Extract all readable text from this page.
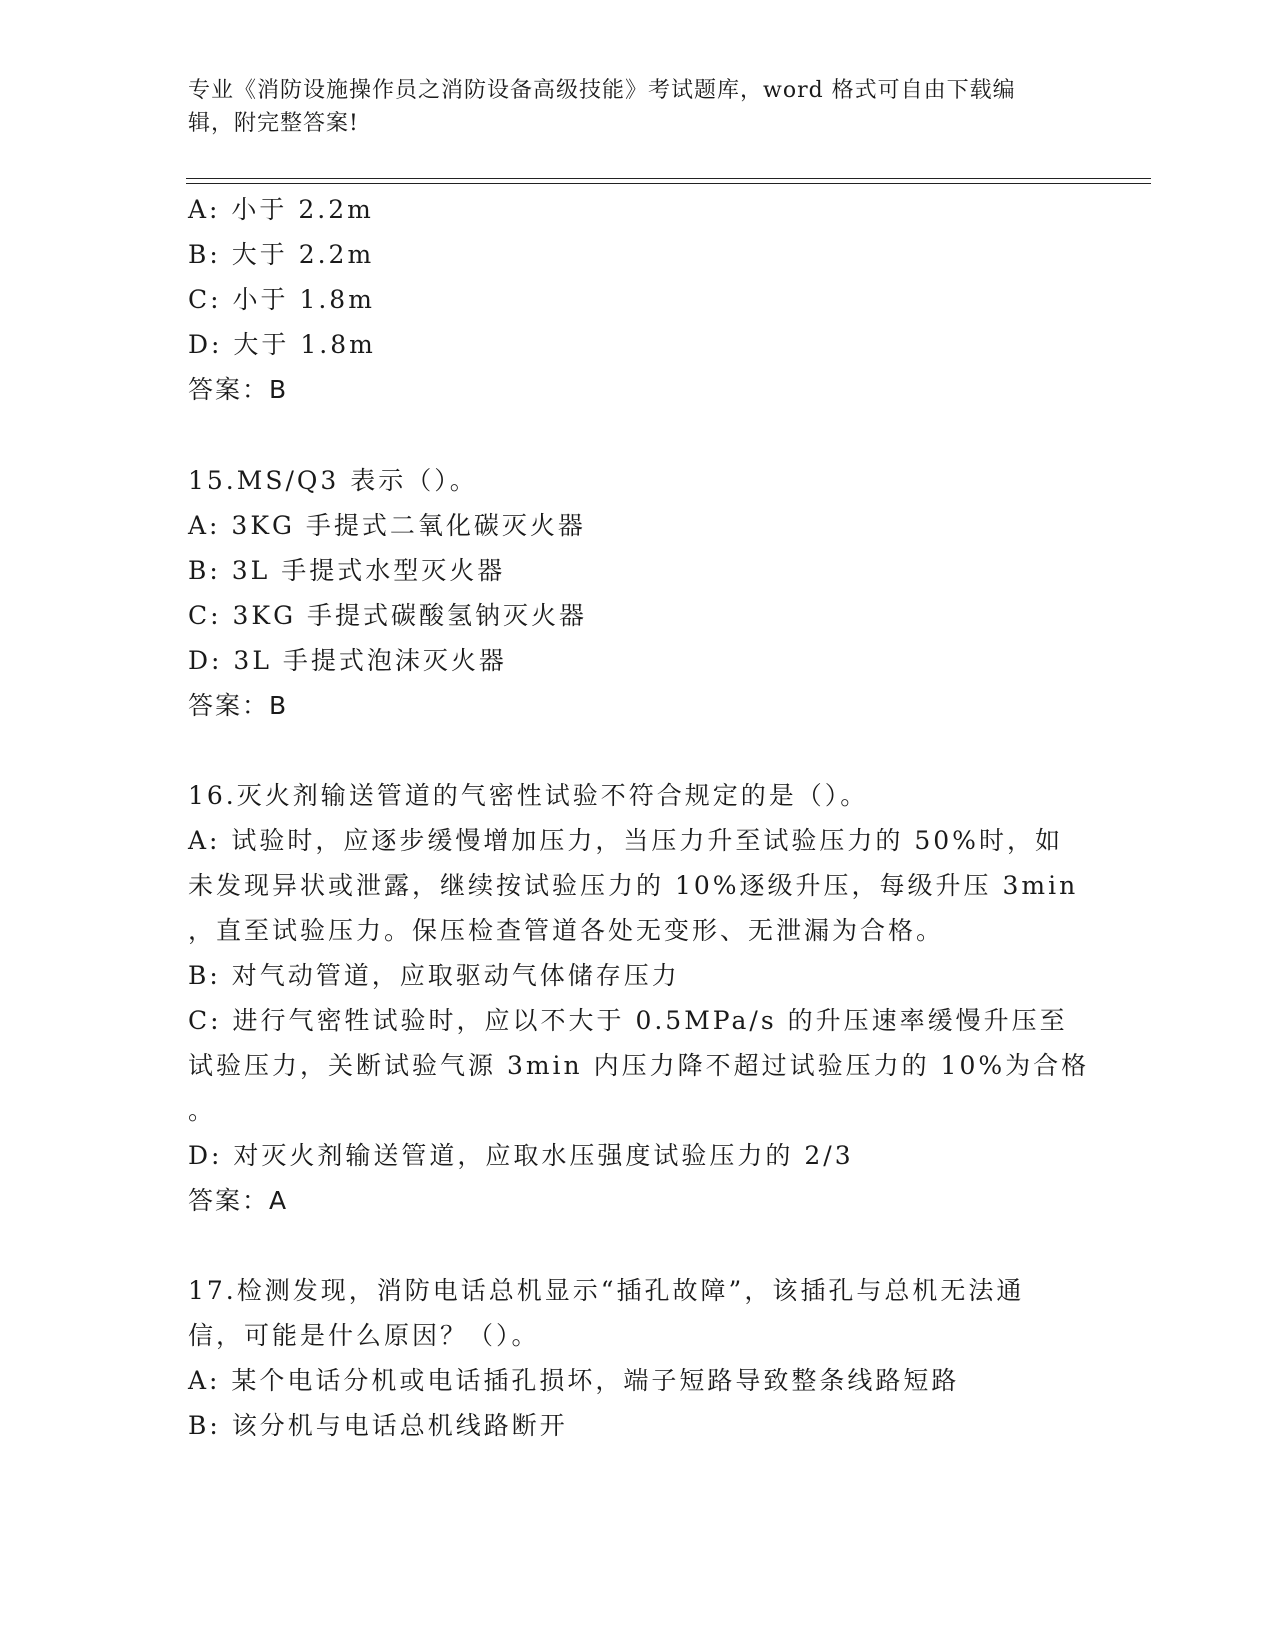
专业《消防设施操作员之消防设备高级技能》考试题库，word 格式可自由下载编
辑，附完整答案!
A: 小于 2.2m
B: 大于 2.2m
C: 小于 1.8m
D: 大于 1.8m
答案：B
15.MS/Q3 表示（）。
A: 3KG 手提式二氧化碳灭火器
B: 3L 手提式水型灭火器
C: 3KG 手提式碳酸氢钠灭火器
D: 3L 手提式泡沫灭火器
答案：B
16.灭火剂输送管道的气密性试验不符合规定的是（）。
A: 试验时，应逐步缓慢增加压力，当压力升至试验压力的 50%时，如
未发现异状或泄露，继续按试验压力的 10%逐级升压，每级升压 3min
，直至试验压力。保压检查管道各处无变形、无泄漏为合格。
B: 对气动管道，应取驱动气体储存压力
C: 进行气密牲试验时，应以不大于 0.5MPa/s 的升压速率缓慢升压至
试验压力，关断试验气源 3min 内压力降不超过试验压力的 10%为合格
。
D: 对灭火剂输送管道，应取水压强度试验压力的 2/3
答案：A
17.检测发现，消防电话总机显示“插孔故障”，该插孔与总机无法通
信，可能是什么原因？（）。
A: 某个电话分机或电话插孔损坏，端子短路导致整条线路短路
B: 该分机与电话总机线路断开
